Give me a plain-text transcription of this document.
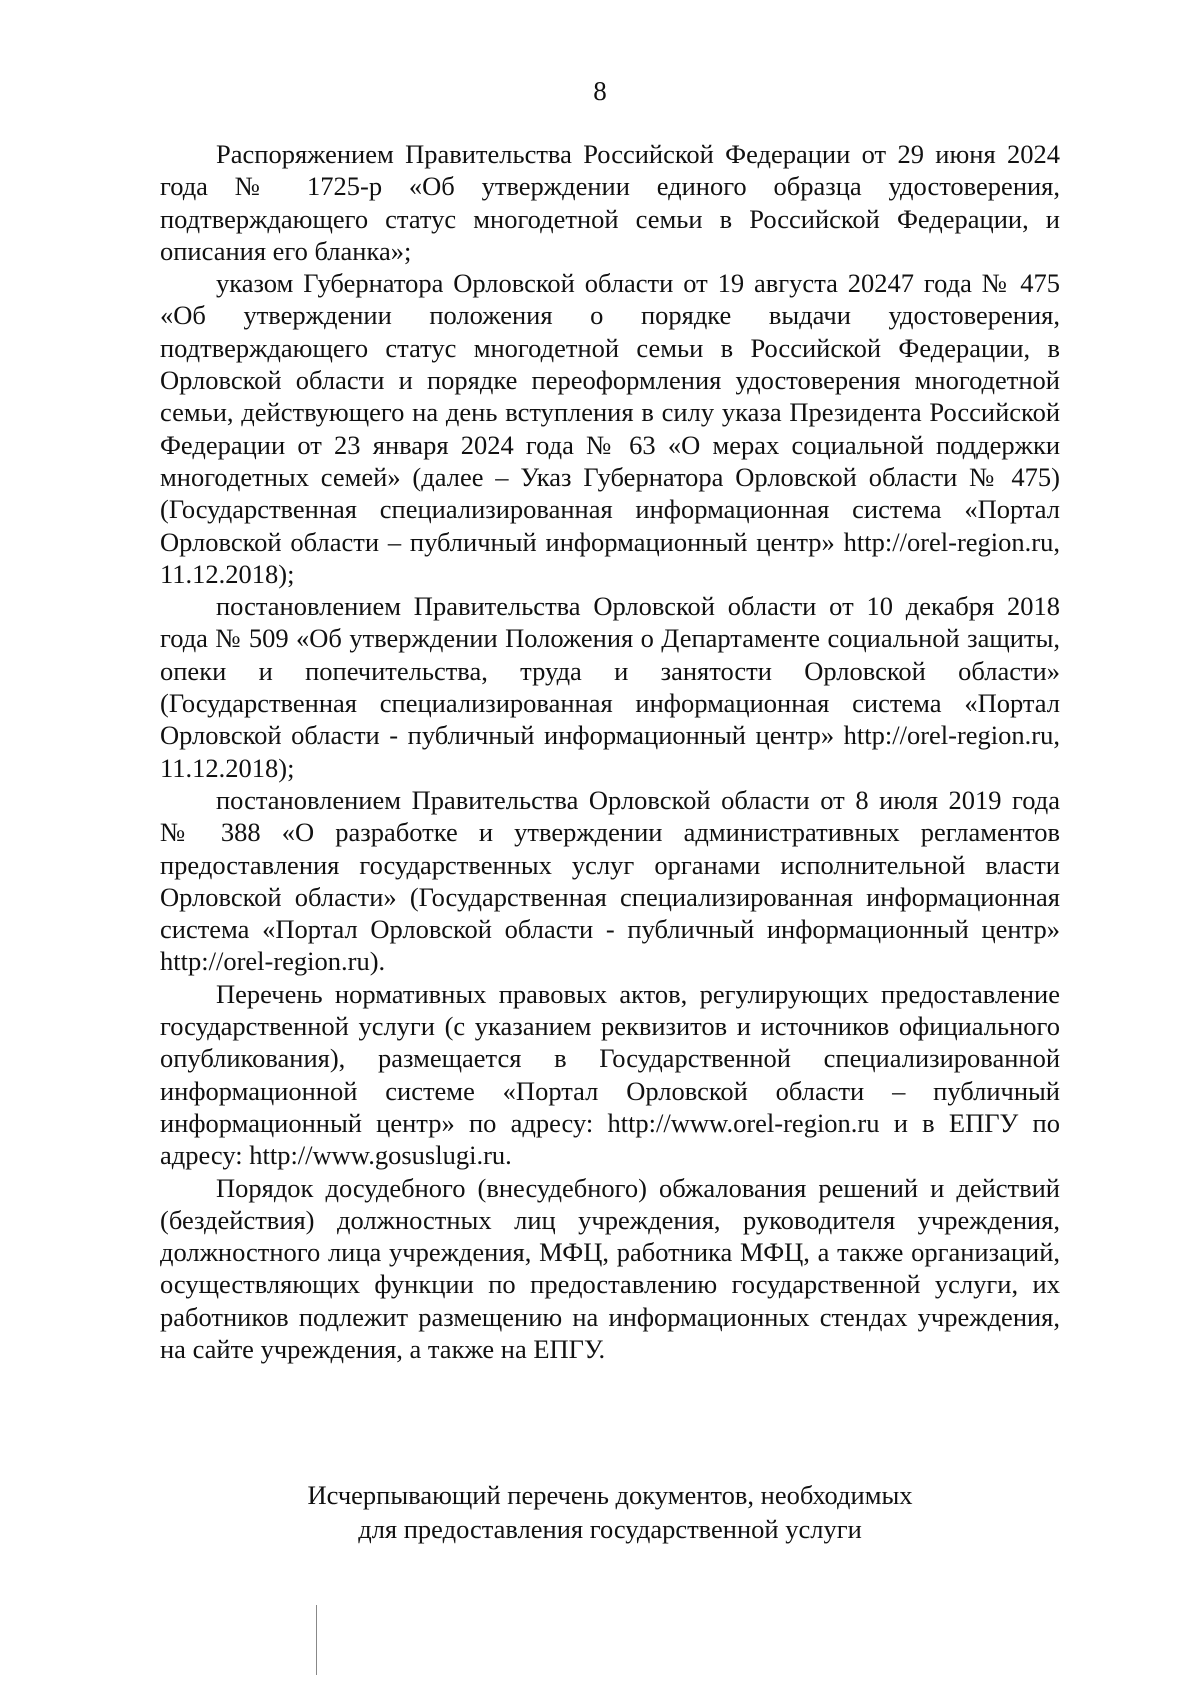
8

Распоряжением Правительства Российской Федерации от 29 июня 2024 года № 1725-р «Об утверждении единого образца удостоверения, подтверждающего статус многодетной семьи в Российской Федерации, и описания его бланка»;

указом Губернатора Орловской области от 19 августа 20247 года № 475 «Об утверждении положения о порядке выдачи удостоверения, подтверждающего статус многодетной семьи в Российской Федерации, в Орловской области и порядке переоформления удостоверения многодетной семьи, действующего на день вступления в силу указа Президента Российской Федерации от 23 января 2024 года № 63 «О мерах социальной поддержки многодетных семей» (далее – Указ Губернатора Орловской области № 475) (Государственная специализированная информационная система «Портал Орловской области – публичный информационный центр» http://orel-region.ru, 11.12.2018);

постановлением Правительства Орловской области от 10 декабря 2018 года № 509 «Об утверждении Положения о Департаменте социальной защиты, опеки и попечительства, труда и занятости Орловской области» (Государственная специализированная информационная система «Портал Орловской области - публичный информационный центр» http://orel-region.ru, 11.12.2018);

постановлением Правительства Орловской области от 8 июля 2019 года № 388 «О разработке и утверждении административных регламентов предоставления государственных услуг органами исполнительной власти Орловской области» (Государственная специализированная информационная система «Портал Орловской области - публичный информационный центр» http://orel-region.ru).

Перечень нормативных правовых актов, регулирующих предоставление государственной услуги (с указанием реквизитов и источников официального опубликования), размещается в Государственной специализированной информационной системе «Портал Орловской области – публичный информационный центр» по адресу: http://www.orel-region.ru и в ЕПГУ по адресу: http://www.gosuslugi.ru.

Порядок досудебного (внесудебного) обжалования решений и действий (бездействия) должностных лиц учреждения, руководителя учреждения, должностного лица учреждения, МФЦ, работника МФЦ, а также организаций, осуществляющих функции по предоставлению государственной услуги, их работников подлежит размещению на информационных стендах учреждения, на сайте учреждения, а также на ЕПГУ.

Исчерпывающий перечень документов, необходимых
для предоставления государственной услуги
